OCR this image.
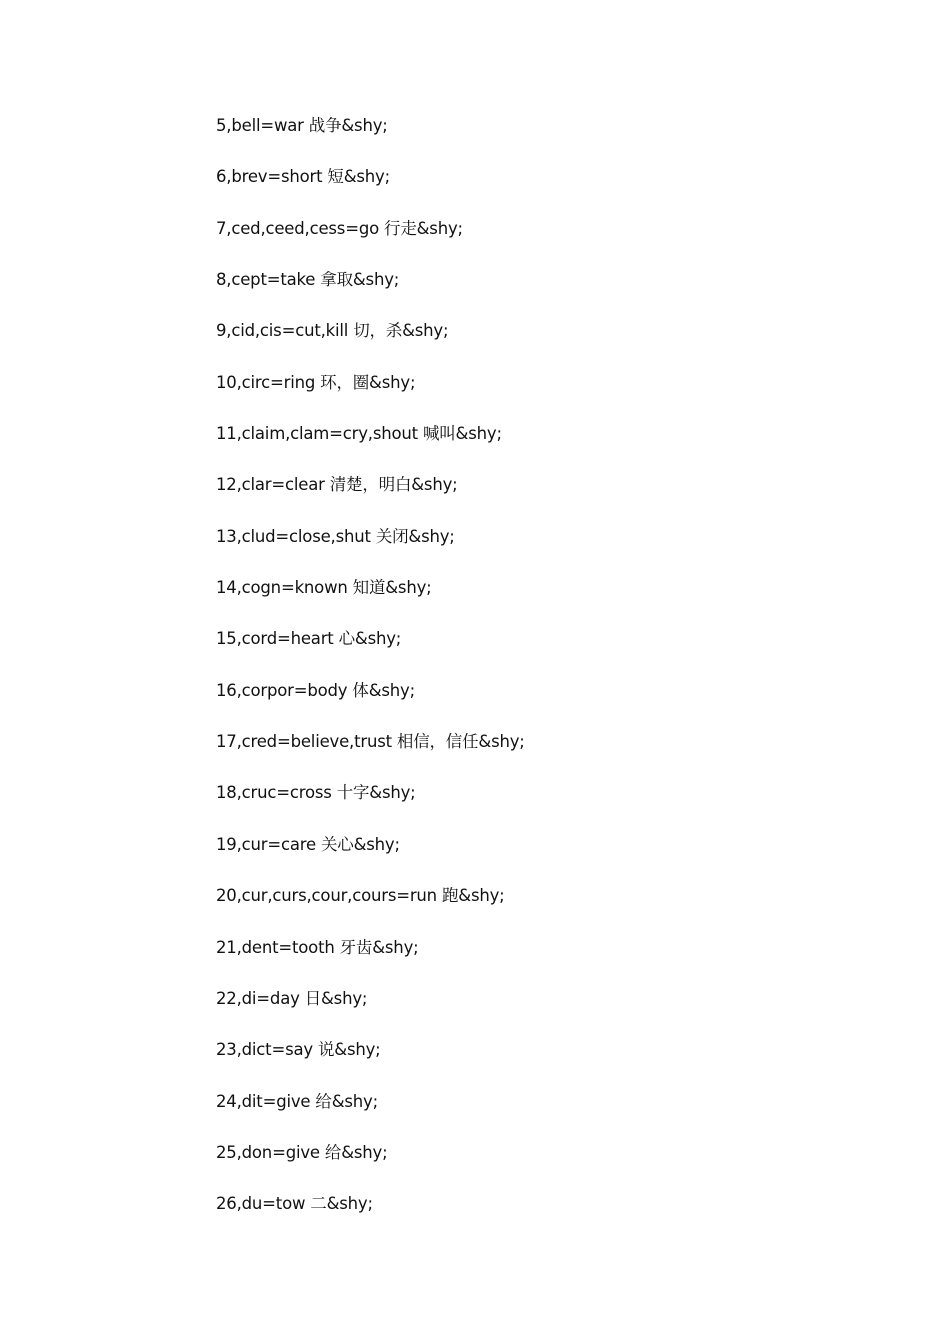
5,bell=war 战争&shy;
6,brev=short 短&shy;
7,ced,ceed,cess=go 行走&shy;
8,cept=take 拿取&shy;
9,cid,cis=cut,kill 切，杀&shy;
10,circ=ring 环，圈&shy;
11,claim,clam=cry,shout 喊叫&shy;
12,clar=clear 清楚，明白&shy;
13,clud=close,shut 关闭&shy;
14,cogn=known 知道&shy;
15,cord=heart 心&shy;
16,corpor=body 体&shy;
17,cred=believe,trust 相信，信任&shy;
18,cruc=cross 十字&shy;
19,cur=care 关心&shy;
20,cur,curs,cour,cours=run 跑&shy;
21,dent=tooth 牙齿&shy;
22,di=day 日&shy;
23,dict=say 说&shy;
24,dit=give 给&shy;
25,don=give 给&shy;
26,du=tow 二&shy;
